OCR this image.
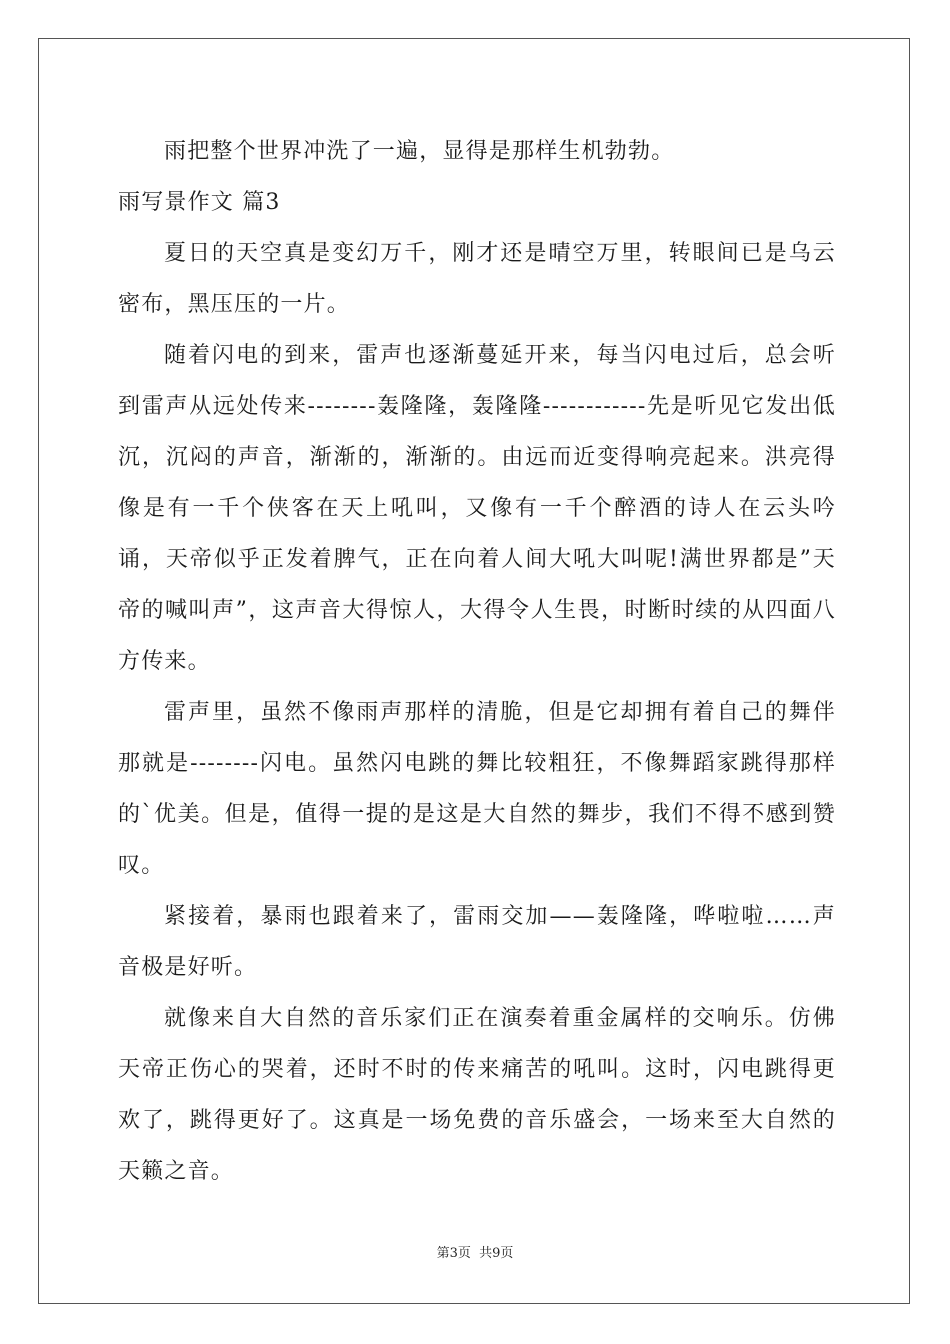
雨把整个世界冲洗了一遍，显得是那样生机勃勃。

雨写景作文 篇3

夏日的天空真是变幻万千，刚才还是晴空万里，转眼间已是乌云密布，黑压压的一片。

随着闪电的到来，雷声也逐渐蔓延开来，每当闪电过后，总会听到雷声从远处传来--------轰隆隆，轰隆隆------------先是听见它发出低沉，沉闷的声音，渐渐的，渐渐的。由远而近变得响亮起来。洪亮得像是有一千个侠客在天上吼叫，又像有一千个醉酒的诗人在云头吟诵，天帝似乎正发着脾气，正在向着人间大吼大叫呢!满世界都是”天帝的喊叫声”，这声音大得惊人，大得令人生畏，时断时续的从四面八方传来。

雷声里，虽然不像雨声那样的清脆，但是它却拥有着自己的舞伴那就是--------闪电。虽然闪电跳的舞比较粗狂，不像舞蹈家跳得那样的`优美。但是，值得一提的是这是大自然的舞步，我们不得不感到赞叹。

紧接着，暴雨也跟着来了，雷雨交加——轰隆隆，哗啦啦……声音极是好听。

就像来自大自然的音乐家们正在演奏着重金属样的交响乐。仿佛天帝正伤心的哭着，还时不时的传来痛苦的吼叫。这时，闪电跳得更欢了，跳得更好了。这真是一场免费的音乐盛会，一场来至大自然的天籁之音。

第3页 共9页
